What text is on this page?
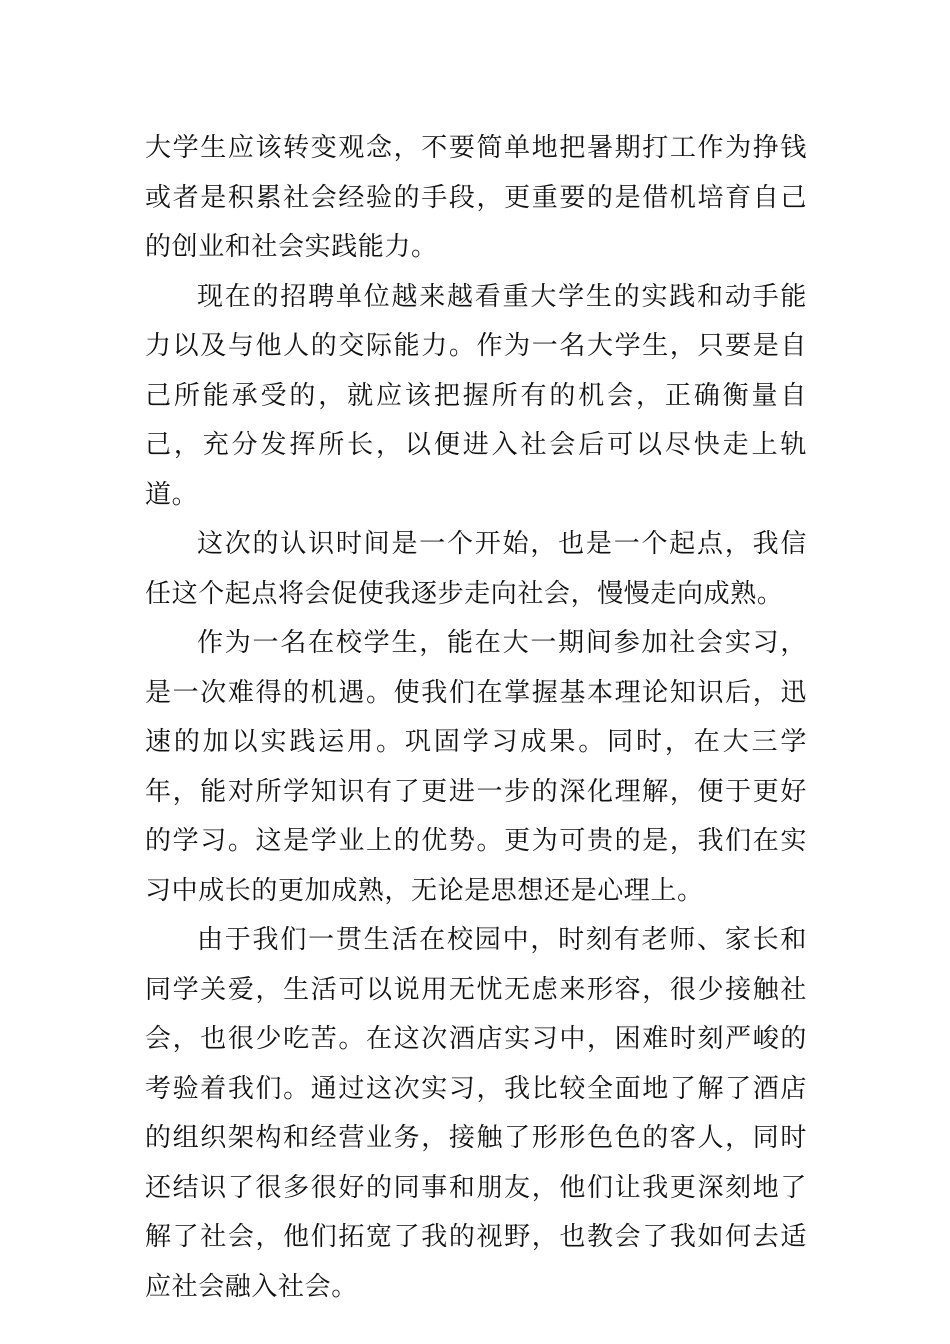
大学生应该转变观念，不要简单地把暑期打工作为挣钱或者是积累社会经验的手段，更重要的是借机培育自己的创业和社会实践能力。

现在的招聘单位越来越看重大学生的实践和动手能力以及与他人的交际能力。作为一名大学生，只要是自己所能承受的，就应该把握所有的机会，正确衡量自己，充分发挥所长，以便进入社会后可以尽快走上轨道。

这次的认识时间是一个开始，也是一个起点，我信任这个起点将会促使我逐步走向社会，慢慢走向成熟。

作为一名在校学生，能在大一期间参加社会实习，是一次难得的机遇。使我们在掌握基本理论知识后，迅速的加以实践运用。巩固学习成果。同时，在大三学年，能对所学知识有了更进一步的深化理解，便于更好的学习。这是学业上的优势。更为可贵的是，我们在实习中成长的更加成熟，无论是思想还是心理上。

由于我们一贯生活在校园中，时刻有老师、家长和同学关爱，生活可以说用无忧无虑来形容，很少接触社会，也很少吃苦。在这次酒店实习中，困难时刻严峻的考验着我们。通过这次实习，我比较全面地了解了酒店的组织架构和经营业务，接触了形形色色的客人，同时还结识了很多很好的同事和朋友，他们让我更深刻地了解了社会，他们拓宽了我的视野，也教会了我如何去适应社会融入社会。
